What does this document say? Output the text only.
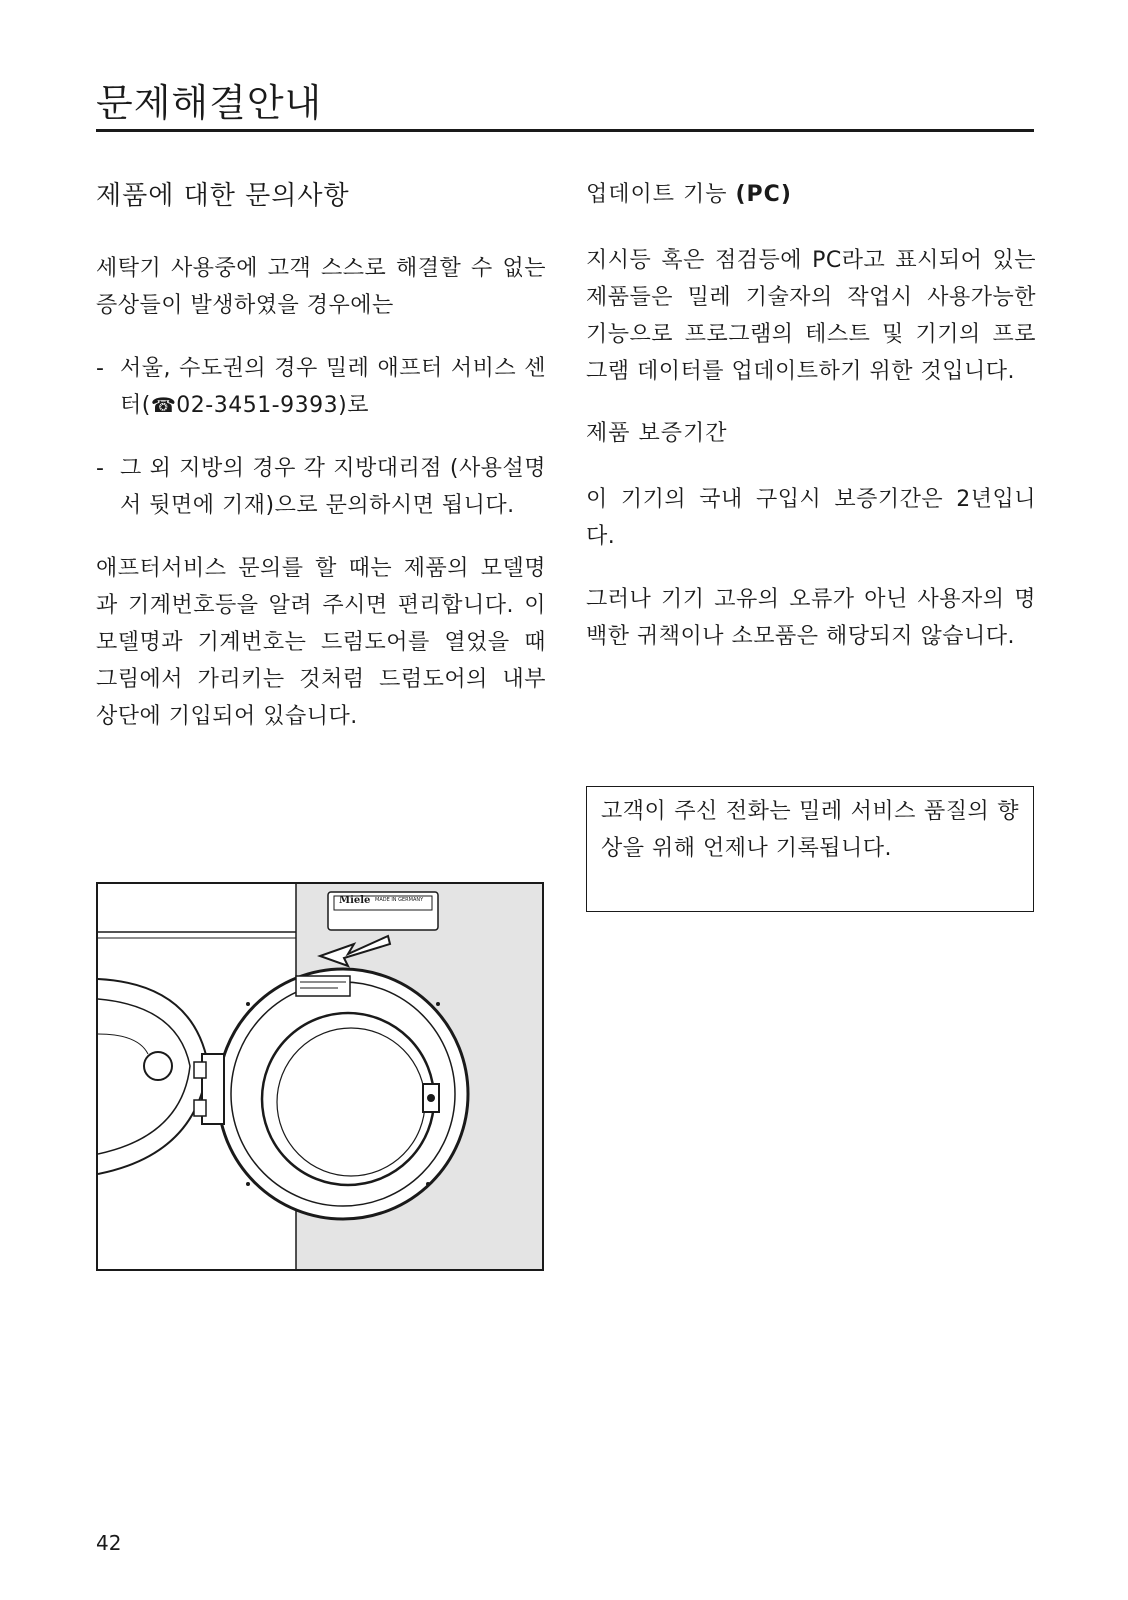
문제해결안내
제품에 대한 문의사항

세탁기 사용중에 고객 스스로 해결할 수 없는 증상들이 발생하였을 경우에는

- 서울, 수도권의 경우 밀레 애프터 서비스 센터(☎02-3451-9393)로
- 그 외 지방의 경우 각 지방대리점 (사용설명서 뒷면에 기재)으로 문의하시면 됩니다.

애프터서비스 문의를 할 때는 제품의 모델명과 기계번호등을 알려 주시면 편리합니다. 이 모델명과 기계번호는 드럼도어를 열었을 때 그림에서 가리키는 것처럼 드럼도어의 내부 상단에 기입되어 있습니다.

Miele MADE IN GERMANY
업데이트 기능 (PC)

지시등 혹은 점검등에 PC라고 표시되어 있는 제품들은 밀레 기술자의 작업시 사용가능한 기능으로 프로그램의 테스트 및 기기의 프로그램 데이터를 업데이트하기 위한 것입니다.

제품 보증기간

이 기기의 국내 구입시 보증기간은 2년입니다.

그러나 기기 고유의 오류가 아닌 사용자의 명백한 귀책이나 소모품은 해당되지 않습니다.

고객이 주신 전화는 밀레 서비스 품질의 향상을 위해 언제나 기록됩니다.

42
